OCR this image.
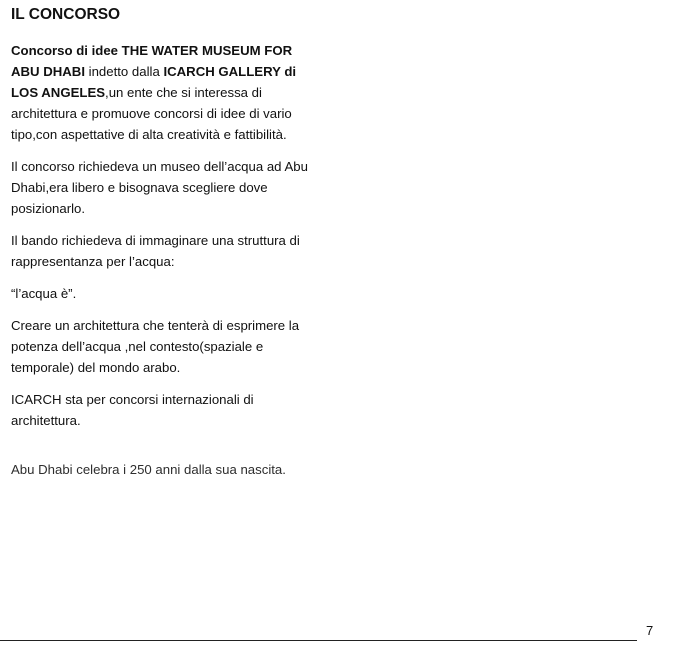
IL CONCORSO

Concorso di idee THE WATER MUSEUM FOR ABU DHABI indetto dalla ICARCH GALLERY di LOS ANGELES,un ente che si interessa di architettura e promuove concorsi di idee di vario tipo,con aspettative di alta creatività e fattibilità.

Il concorso richiedeva un museo dell’acqua ad Abu Dhabi,era libero e bisognava scegliere dove posizionarlo.

Il bando richiedeva di immaginare una struttura di rappresentanza per l’acqua:

“l’acqua è”.

Creare un architettura che tenterà di esprimere la potenza dell’acqua ,nel contesto(spaziale e temporale) del mondo arabo.

ICARCH sta per concorsi internazionali di architettura.

Abu Dhabi celebra i 250 anni dalla sua nascita.

7
